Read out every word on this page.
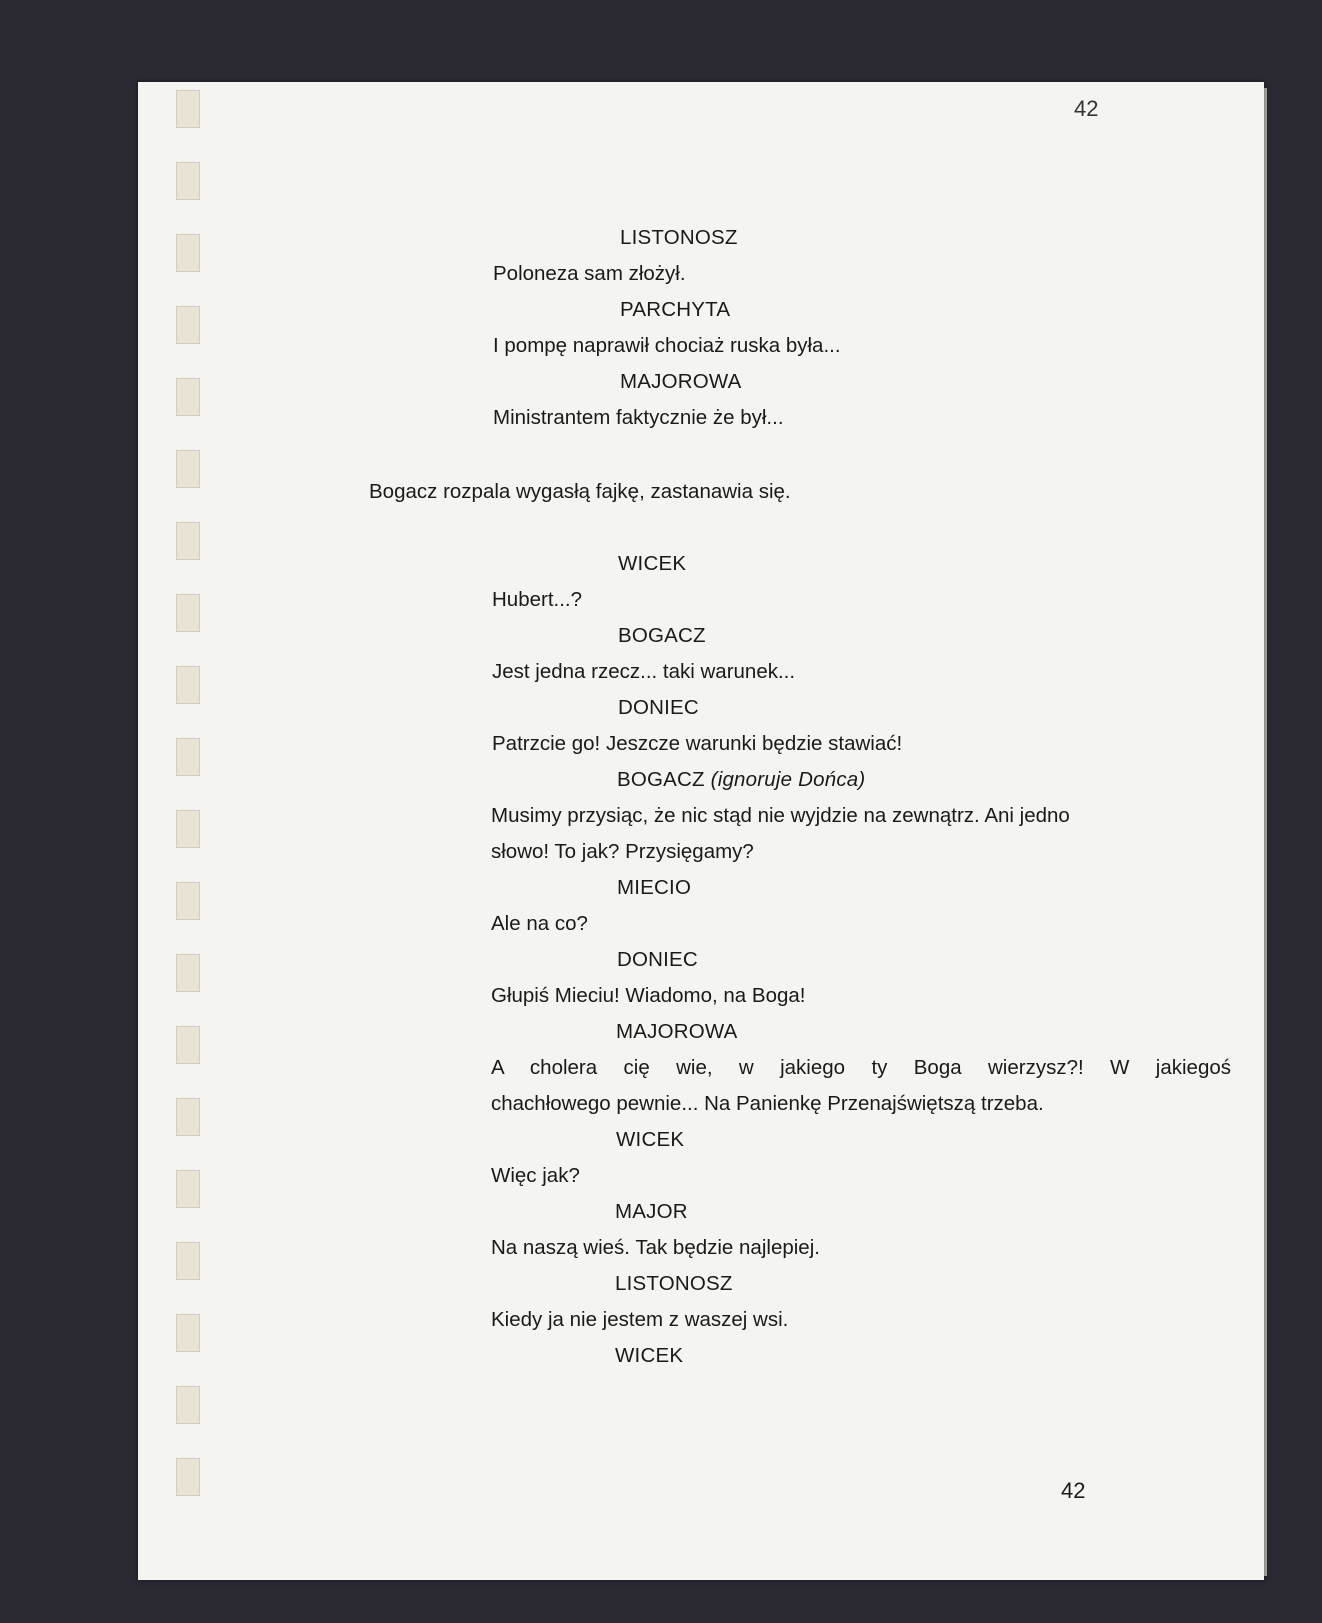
42
LISTONOSZ
Poloneza sam złożył.
PARCHYTA
I pompę naprawił chociaż ruska była...
MAJOROWA
Ministrantem faktycznie że był...
Bogacz rozpala wygasłą fajkę, zastanawia się.
WICEK
Hubert...?
BOGACZ
Jest jedna rzecz... taki warunek...
DONIEC
Patrzcie go! Jeszcze warunki będzie stawiać!
BOGACZ (ignoruje Dońca)
Musimy przysiąc, że nic stąd nie wyjdzie na zewnątrz. Ani jedno
słowo! To jak? Przysięgamy?
MIECIO
Ale na co?
DONIEC
Głupiś Mieciu! Wiadomo, na Boga!
MAJOROWA
A cholera cię wie, w jakiego ty Boga wierzysz?! W jakiegoś
chachłowego pewnie... Na Panienkę Przenajświętszą trzeba.
WICEK
Więc jak?
MAJOR
Na naszą wieś. Tak będzie najlepiej.
LISTONOSZ
Kiedy ja nie jestem z waszej wsi.
WICEK
42
